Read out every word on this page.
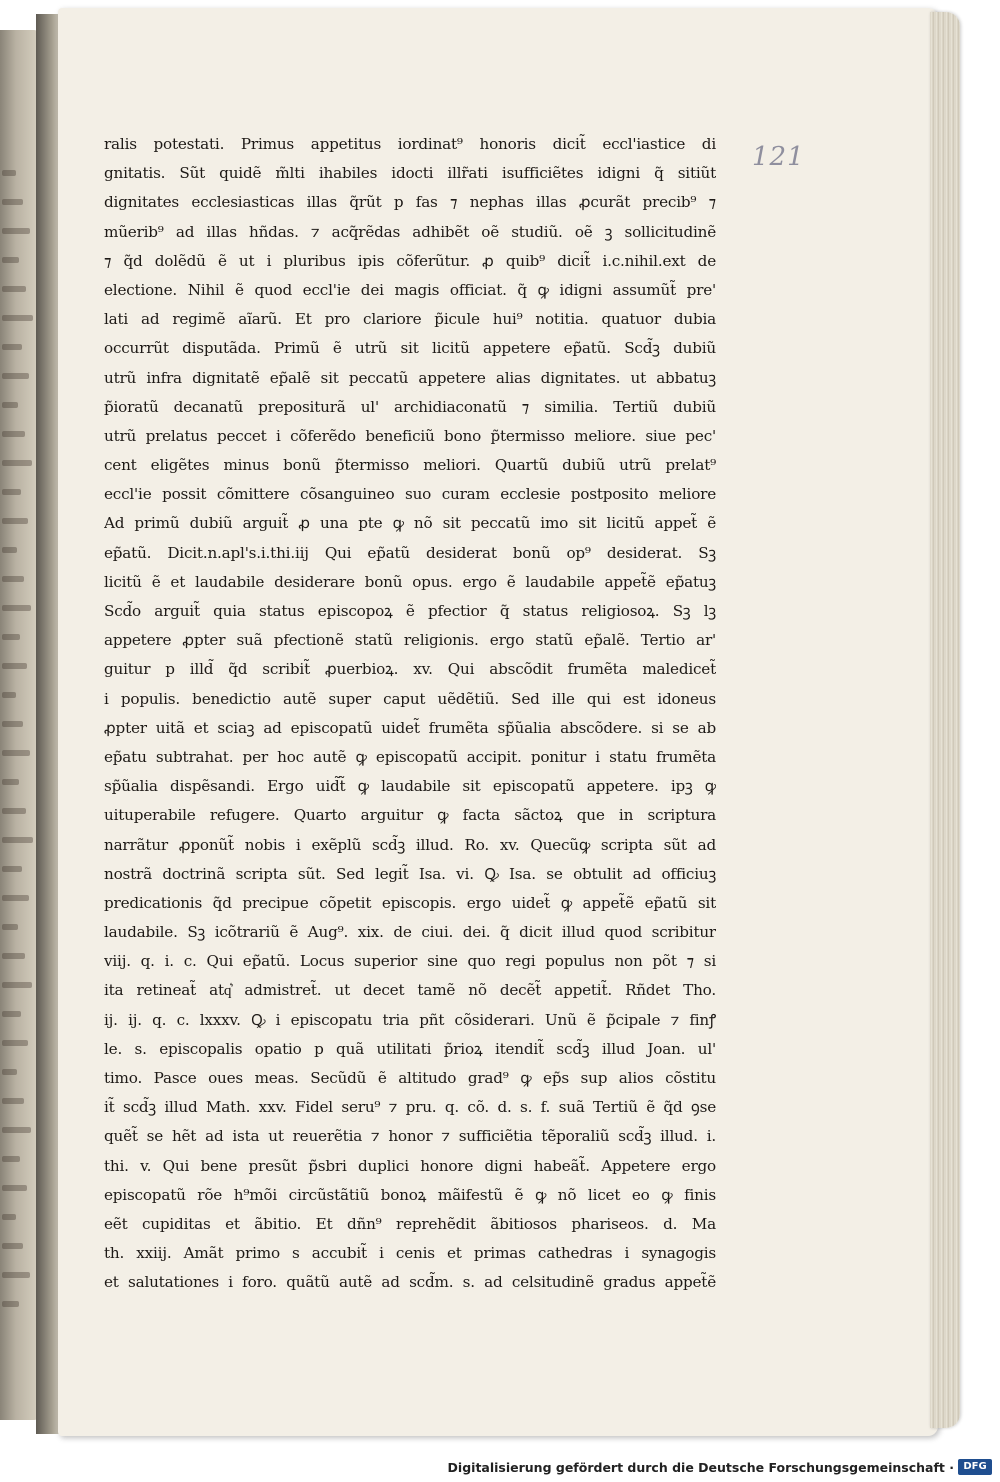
121
ralis potestati. Primus appetitus iordinat⁹ honoris dicit̃ eccl'iastice di
gnitatis. Sũt quidẽ m̃lti ihabiles idocti illr̃ati isufficiẽtes idigni q̃ sitiũt
dignitates ecclesiasticas illas q̃rũt p fas ⁊ nephas illas ꝓcurãt precib⁹ ⁊
mũerib⁹ ad illas hñdas. ⁊ acq̃rẽdas adhibẽt oẽ studiũ. oẽ ꝫ sollicitudinẽ
⁊ q̃d dolẽdũ ẽ ut i pluribus ipis cõferũtur. ꝓ quib⁹ dicit̃ i.c.nihil.ext de
electione. Nihil ẽ quod eccl'ie dei magis officiat. q̃ ꝙ idigni assumũt̃ pre'
lati ad regimẽ aĩarũ. Et pro clariore p̃icule hui⁹ notitia. quatuor dubia
occurrũt disputãda. Primũ ẽ utrũ sit licitũ appetere ep̃atũ. Scd̃ꝫ dubiũ
utrũ infra dignitatẽ ep̃alẽ sit peccatũ appetere alias dignitates. ut abbatuꝫ
p̃ioratũ decanatũ prepositurã ul' archidiaconatũ ⁊ similia. Tertiũ dubiũ
utrũ prelatus peccet i cõferẽdo beneficiũ bono p̃termisso meliore. siue pec'
cent eligẽtes minus bonũ p̃termisso meliori. Quartũ dubiũ utrũ prelat⁹
eccl'ie possit cõmittere cõsanguineo suo curam ecclesie postposito meliore
Ad primũ dubiũ arguit̃ ꝓ una pte ꝙ nõ sit peccatũ imo sit licitũ appet̃ ẽ
ep̃atũ. Dicit.n.apl's.i.thi.iij Qui ep̃atũ desiderat bonũ op⁹ desiderat. Sꝫ
licitũ ẽ et laudabile desiderare bonũ opus. ergo ẽ laudabile appet̃ẽ ep̃atuꝫ
Scd̃o arguit̃ quia status episcopoꝝ ẽ pfectior q̃ status religiosoꝝ. Sꝫ lꝫ
appetere ꝓpter suã pfectionẽ statũ religionis. ergo statũ ep̃alẽ. Tertio ar'
guitur p illd̃ q̃d scribit̃ ꝓuerbioꝝ. xv. Qui abscõdit frumẽta maledicet̃
i populis. benedictio autẽ super caput uẽdẽtiũ. Sed ille qui est idoneus
ꝓpter uitã et sciaꝫ ad episcopatũ uidet̃ frumẽta sp̃ũalia abscõdere. si se ab
ep̃atu subtrahat. per hoc autẽ ꝙ episcopatũ accipit. ponitur i statu frumẽta
sp̃ũalia dispẽsandi. Ergo uid̃t̃ ꝙ laudabile sit episcopatũ appetere. ipꝫ ꝙ
uituperabile refugere. Quarto arguitur ꝙ facta sãctoꝝ que in scriptura
narrãtur ꝓponũt̃ nobis i exẽplũ scd̃ꝫ illud. Ro. xv. Quecũꝙ scripta sũt ad
nostrã doctrinã scripta sũt. Sed legit̃ Isa. vi. Ꝙ Isa. se obtulit ad officiuꝫ
predicationis q̃d precipue cõpetit episcopis. ergo uidet̃ ꝙ appet̃ẽ ep̃atũ sit
laudabile. Sꝫ icõtrariũ ẽ Aug⁹. xix. de ciui. dei. q̃ dicit illud quod scribitur
viij. q. i. c. Qui ep̃atũ. Locus superior sine quo regi populus non põt ⁊ si
ita retineat̃ atq͛ admistret̃. ut decet tamẽ nõ decẽt̃ appetit̃. Rñdet Tho.
ij. ij. q. c. lxxxv. Ꝙ i episcopatu tria pñt cõsiderari. Unũ ẽ p̃cipale ⁊ finꝭ
le. s. episcopalis opatio p quã utilitati p̃rioꝝ itendit̃ scd̃ꝫ illud Joan. ul'
timo. Pasce oues meas. Secũdũ ẽ altitudo grad⁹ ꝙ ep̃s sup alios cõstitu
it̃ scd̃ꝫ illud Math. xxv. Fidel seru⁹ ⁊ pru. q. cõ. d. s. f. suã Tertiũ ẽ q̃d ꝯse
quẽt̃ se hẽt ad ista ut reuerẽtia ⁊ honor ⁊ sufficiẽtia tẽporaliũ scd̃ꝫ illud. i.
thi. v. Qui bene presũt p̃sbri duplici honore digni habeãt̃. Appetere ergo
episcopatũ rõe h⁹mõi circũstãtiũ bonoꝝ mãifestũ ẽ ꝙ nõ licet eo ꝙ finis
eẽt cupiditas et ãbitio. Et dñn⁹ reprehẽdit ãbitiosos phariseos. d. Ma
th. xxiij. Amãt primo s accubit̃ i cenis et primas cathedras i synagogis
et salutationes i foro. quãtũ autẽ ad scd̃m. s. ad celsitudinẽ gradus appet̃ẽ
Digitalisierung gefördert durch die Deutsche Forschungsgemeinschaft · DFG
